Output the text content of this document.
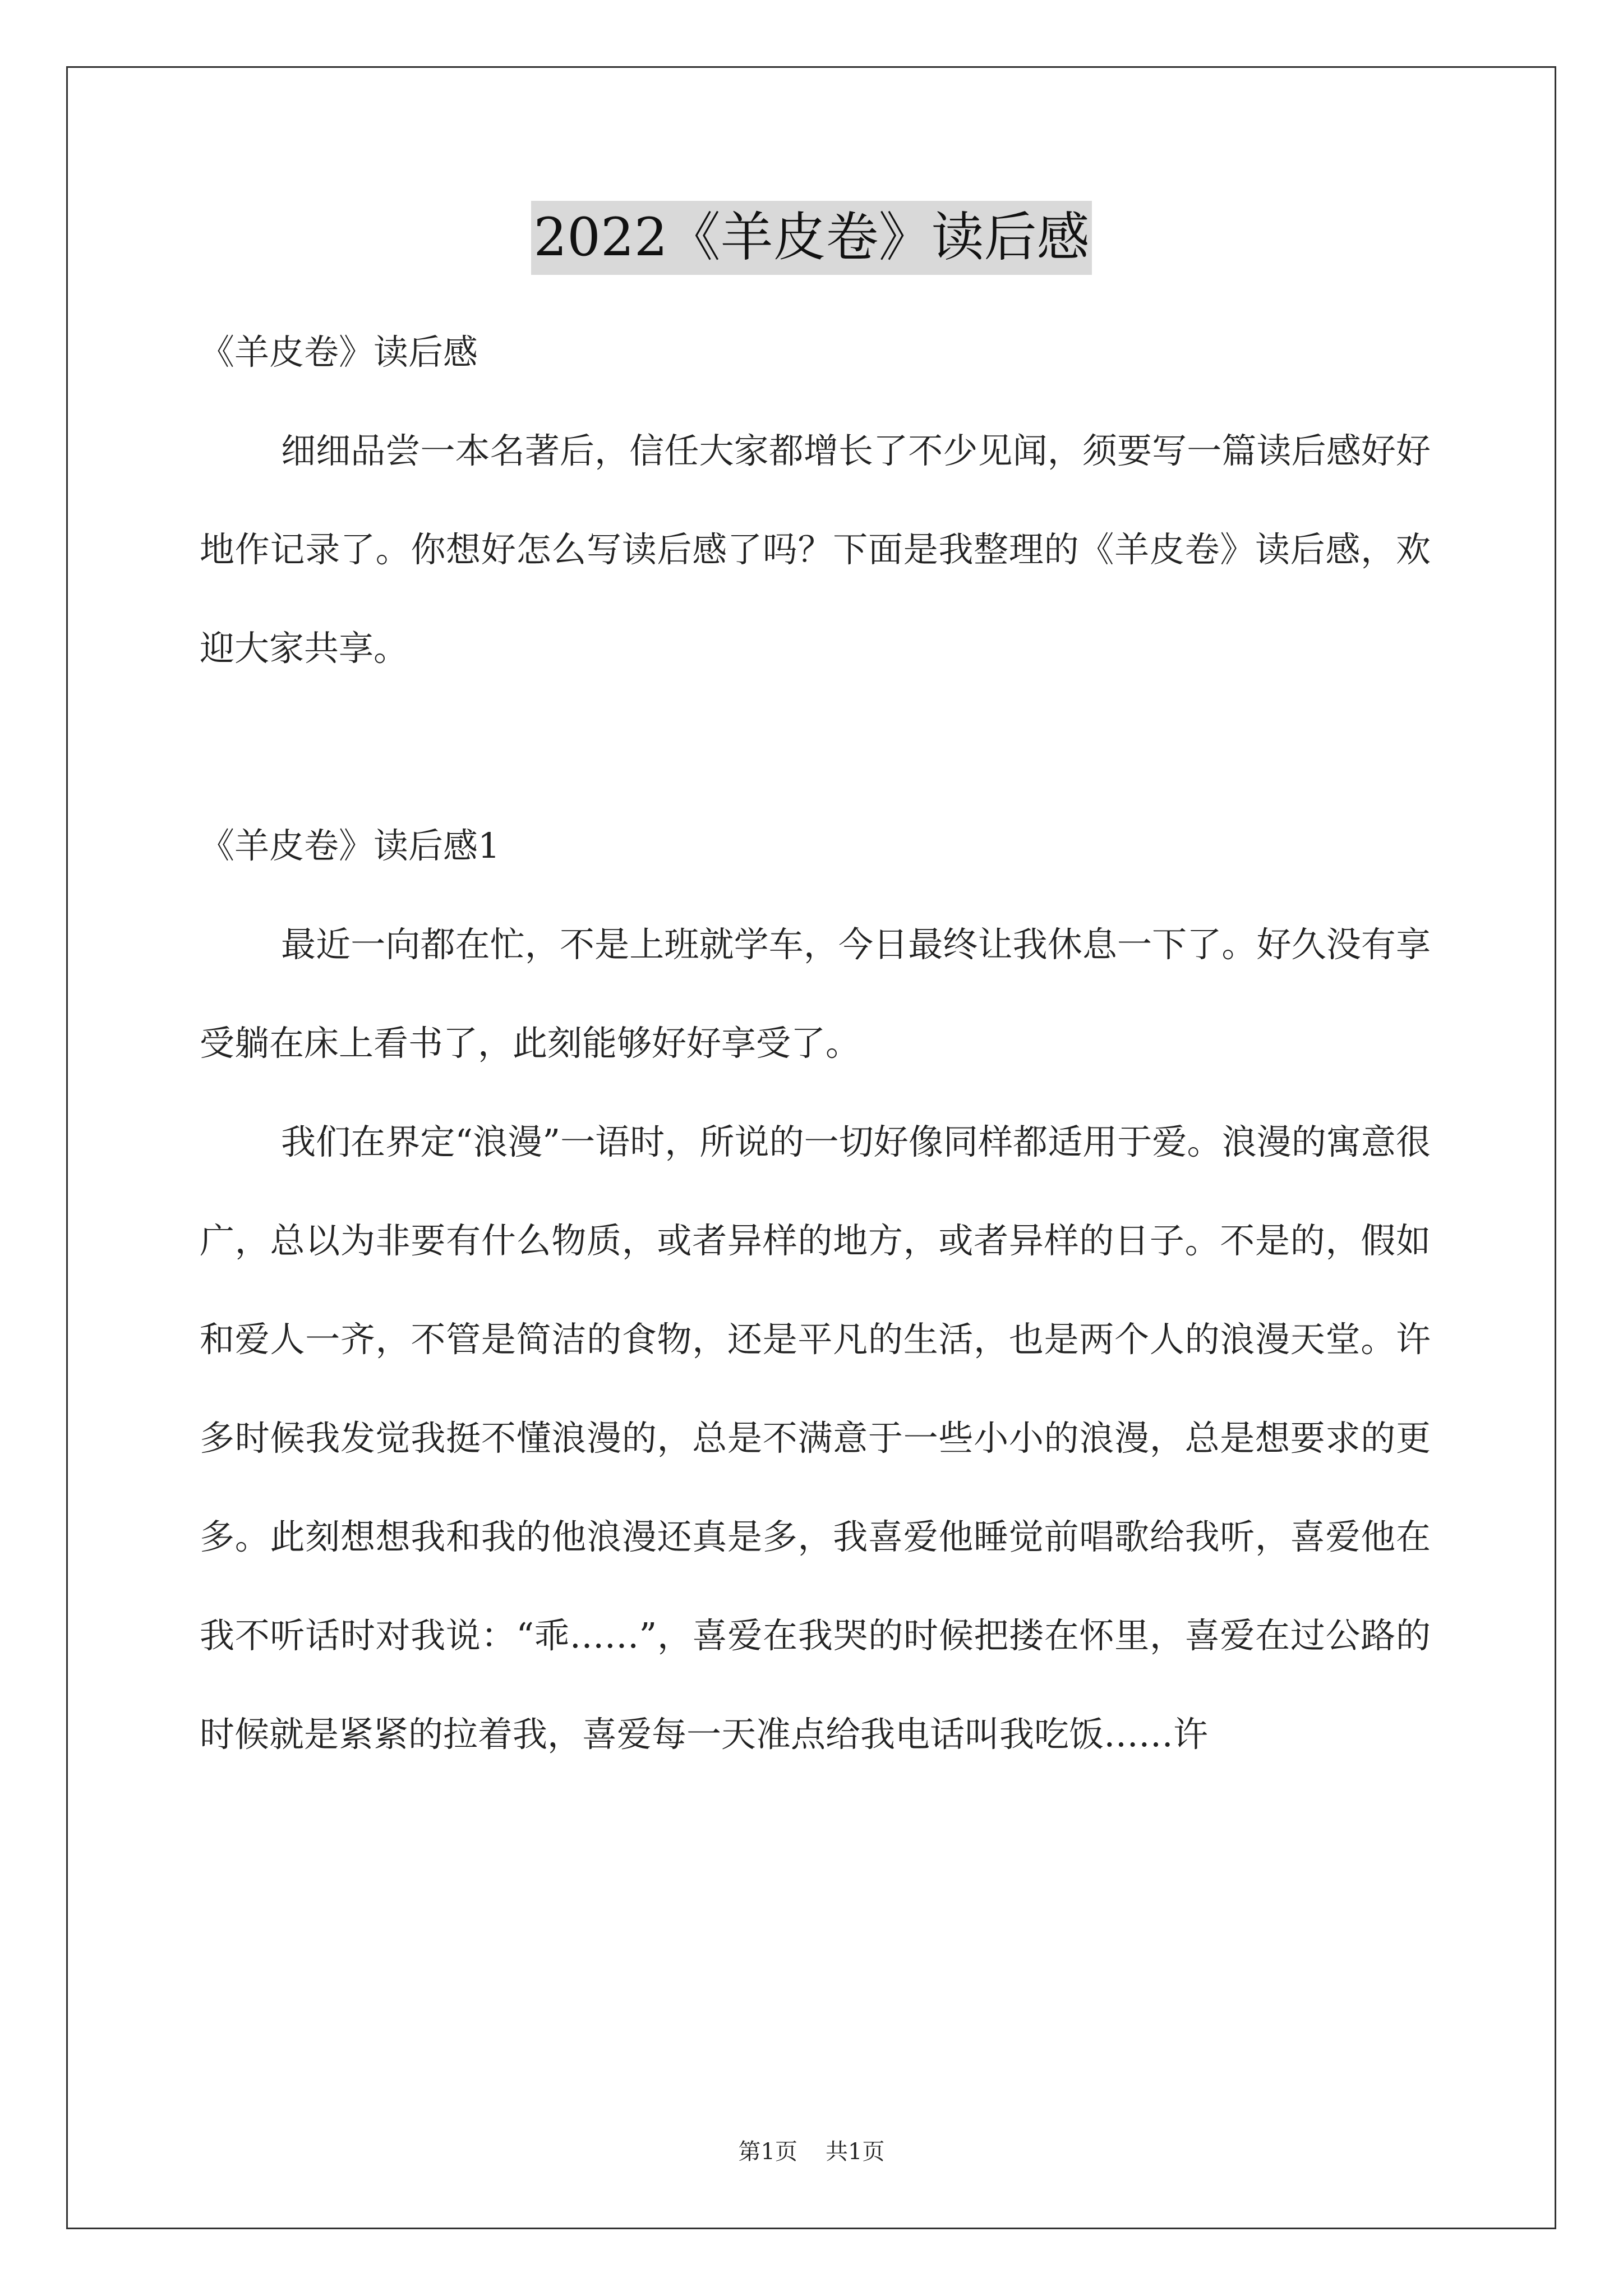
2022《羊皮卷》读后感

《羊皮卷》读后感

细细品尝一本名著后，信任大家都增长了不少见闻，须要写一篇读后感好好地作记录了。你想好怎么写读后感了吗？下面是我整理的《羊皮卷》读后感，欢迎大家共享。

《羊皮卷》读后感1

最近一向都在忙，不是上班就学车，今日最终让我休息一下了。好久没有享受躺在床上看书了，此刻能够好好享受了。

我们在界定“浪漫”一语时，所说的一切好像同样都适用于爱。浪漫的寓意很广，总以为非要有什么物质，或者异样的地方，或者异样的日子。不是的，假如和爱人一齐，不管是简洁的食物，还是平凡的生活，也是两个人的浪漫天堂。许多时候我发觉我挺不懂浪漫的，总是不满意于一些小小的浪漫，总是想要求的更多。此刻想想我和我的他浪漫还真是多，我喜爱他睡觉前唱歌给我听，喜爱他在我不听话时对我说：“乖……”，喜爱在我哭的时候把搂在怀里，喜爱在过公路的时候就是紧紧的拉着我，喜爱每一天准点给我电话叫我吃饭……许

第1页 共1页
